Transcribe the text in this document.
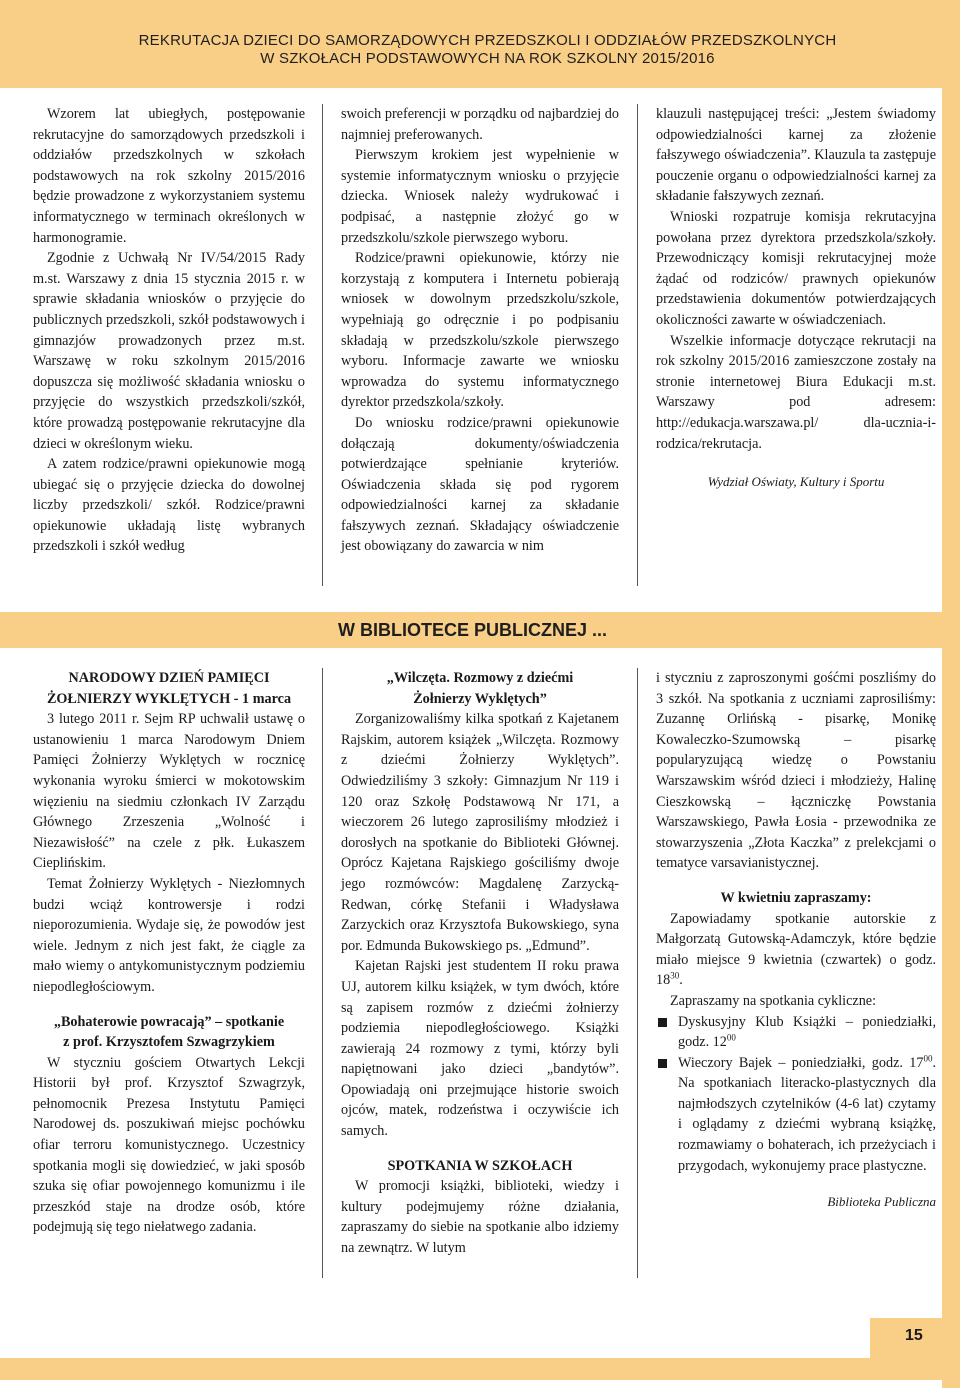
REKRUTACJA DZIECI DO SAMORZĄDOWYCH PRZEDSZKOLI I ODDZIAŁÓW PRZEDSZKOLNYCH
W SZKOŁACH PODSTAWOWYCH NA ROK SZKOLNY 2015/2016

Wzorem lat ubiegłych, postępowanie rekrutacyjne do samorządowych przedszkoli i oddziałów przedszkolnych w szkołach podstawowych na rok szkolny 2015/2016 będzie prowadzone z wykorzystaniem systemu informatycznego w terminach określonych w harmonogramie.

Zgodnie z Uchwałą Nr IV/54/2015 Rady m.st. Warszawy z dnia 15 stycznia 2015 r. w sprawie składania wniosków o przyjęcie do publicznych przedszkoli, szkół podstawowych i gimnazjów prowadzonych przez m.st. Warszawę w roku szkolnym 2015/2016 dopuszcza się możliwość składania wniosku o przyjęcie do wszystkich przedszkoli/szkół, które prowadzą postępowanie rekrutacyjne dla dzieci w określonym wieku.

A zatem rodzice/prawni opiekunowie mogą ubiegać się o przyjęcie dziecka do dowolnej liczby przedszkoli/ szkół. Rodzice/prawni opiekunowie układają listę wybranych przedszkoli i szkół według

swoich preferencji w porządku od najbardziej do najmniej preferowanych.

Pierwszym krokiem jest wypełnienie w systemie informatycznym wniosku o przyjęcie dziecka. Wniosek należy wydrukować i podpisać, a następnie złożyć go w przedszkolu/szkole pierwszego wyboru.

Rodzice/prawni opiekunowie, którzy nie korzystają z komputera i Internetu pobierają wniosek w dowolnym przedszkolu/szkole, wypełniają go odręcznie i po podpisaniu składają w przedszkolu/szkole pierwszego wyboru. Informacje zawarte we wniosku wprowadza do systemu informatycznego dyrektor przedszkola/szkoły.

Do wniosku rodzice/prawni opiekunowie dołączają dokumenty/oświadczenia potwierdzające spełnianie kryteriów. Oświadczenia składa się pod rygorem odpowiedzialności karnej za składanie fałszywych zeznań. Składający oświadczenie jest obowiązany do zawarcia w nim

klauzuli następującej treści: „Jestem świadomy odpowiedzialności karnej za złożenie fałszywego oświadczenia”. Klauzula ta zastępuje pouczenie organu o odpowiedzialności karnej za składanie fałszywych zeznań.

Wnioski rozpatruje komisja rekrutacyjna powołana przez dyrektora przedszkola/szkoły. Przewodniczący komisji rekrutacyjnej może żądać od rodziców/ prawnych opiekunów przedstawienia dokumentów potwierdzających okoliczności zawarte w oświadczeniach.

Wszelkie informacje dotyczące rekrutacji na rok szkolny 2015/2016 zamieszczone zostały na stronie internetowej Biura Edukacji m.st. Warszawy pod adresem: http://edukacja.warszawa.pl/ dla-ucznia-i-rodzica/rekrutacja.

Wydział Oświaty, Kultury i Sportu

W BIBLIOTECE PUBLICZNEJ ...

NARODOWY DZIEŃ PAMIĘCI

ŻOŁNIERZY WYKLĘTYCH - 1 marca

3 lutego 2011 r. Sejm RP uchwalił ustawę o ustanowieniu 1 marca Narodowym Dniem Pamięci Żołnierzy Wyklętych w rocznicę wykonania wyroku śmierci w mokotowskim więzieniu na siedmiu członkach IV Zarządu Głównego Zrzeszenia „Wolność i Niezawisłość” na czele z płk. Łukaszem Cieplińskim.

Temat Żołnierzy Wyklętych - Niezłomnych budzi wciąż kontrowersje i rodzi nieporozumienia. Wydaje się, że powodów jest wiele. Jednym z nich jest fakt, że ciągle za mało wiemy o antykomunistycznym podziemiu niepodległościowym.

„Bohaterowie powracają” – spotkanie

z prof. Krzysztofem Szwagrzykiem

W styczniu gościem Otwartych Lekcji Historii był prof. Krzysztof Szwagrzyk, pełnomocnik Prezesa Instytutu Pamięci Narodowej ds. poszukiwań miejsc pochówku ofiar terroru komunistycznego. Uczestnicy spotkania mogli się dowiedzieć, w jaki sposób szuka się ofiar powojennego komunizmu i ile przeszkód staje na drodze osób, które podejmują się tego niełatwego zadania.

„Wilczęta. Rozmowy z dziećmi

Żołnierzy Wyklętych”

Zorganizowaliśmy kilka spotkań z Kajetanem Rajskim, autorem książek „Wilczęta. Rozmowy z dziećmi Żołnierzy Wyklętych”. Odwiedziliśmy 3 szkoły: Gimnazjum Nr 119 i 120 oraz Szkołę Podstawową Nr 171, a wieczorem 26 lutego zaprosiliśmy młodzież i dorosłych na spotkanie do Biblioteki Głównej. Oprócz Kajetana Rajskiego gościliśmy dwoje jego rozmówców: Magdalenę Zarzycką-Redwan, córkę Stefanii i Władysława Zarzyckich oraz Krzysztofa Bukowskiego, syna por. Edmunda Bukowskiego ps. „Edmund”.

Kajetan Rajski jest studentem II roku prawa UJ, autorem kilku książek, w tym dwóch, które są zapisem rozmów z dziećmi żołnierzy podziemia niepodległościowego. Książki zawierają 24 rozmowy z tymi, którzy byli napiętnowani jako dzieci „bandytów”. Opowiadają oni przejmujące historie swoich ojców, matek, rodzeństwa i oczywiście ich samych.

SPOTKANIA W SZKOŁACH

W promocji książki, biblioteki, wiedzy i kultury podejmujemy różne działania, zapraszamy do siebie na spotkanie albo idziemy na zewnątrz. W lutym

i styczniu z zaproszonymi gośćmi poszliśmy do 3 szkół. Na spotkania z uczniami zaprosiliśmy: Zuzannę Orlińską - pisarkę, Monikę Kowaleczko-Szumowską – pisarkę popularyzującą wiedzę o Powstaniu Warszawskim wśród dzieci i młodzieży, Halinę Cieszkowską – łączniczkę Powstania Warszawskiego, Pawła Łosia - przewodnika ze stowarzyszenia „Złota Kaczka” z prelekcjami o tematyce varsavianistycznej.

W kwietniu zapraszamy:

Zapowiadamy spotkanie autorskie z Małgorzatą Gutowską-Adamczyk, które będzie miało miejsce 9 kwietnia (czwartek) o godz. $18^{30}$.

Zapraszamy na spotkania cykliczne:

Dyskusyjny Klub Książki – poniedziałki, godz. $12^{00}$

Wieczory Bajek – poniedziałki, godz. $17^{00}$. Na spotkaniach literacko-plastycznych dla najmłodszych czytelników (4-6 lat) czytamy i oglądamy z dziećmi wybraną książkę, rozmawiamy o bohaterach, ich przeżyciach i przygodach, wykonujemy prace plastyczne.

Biblioteka Publiczna

15
